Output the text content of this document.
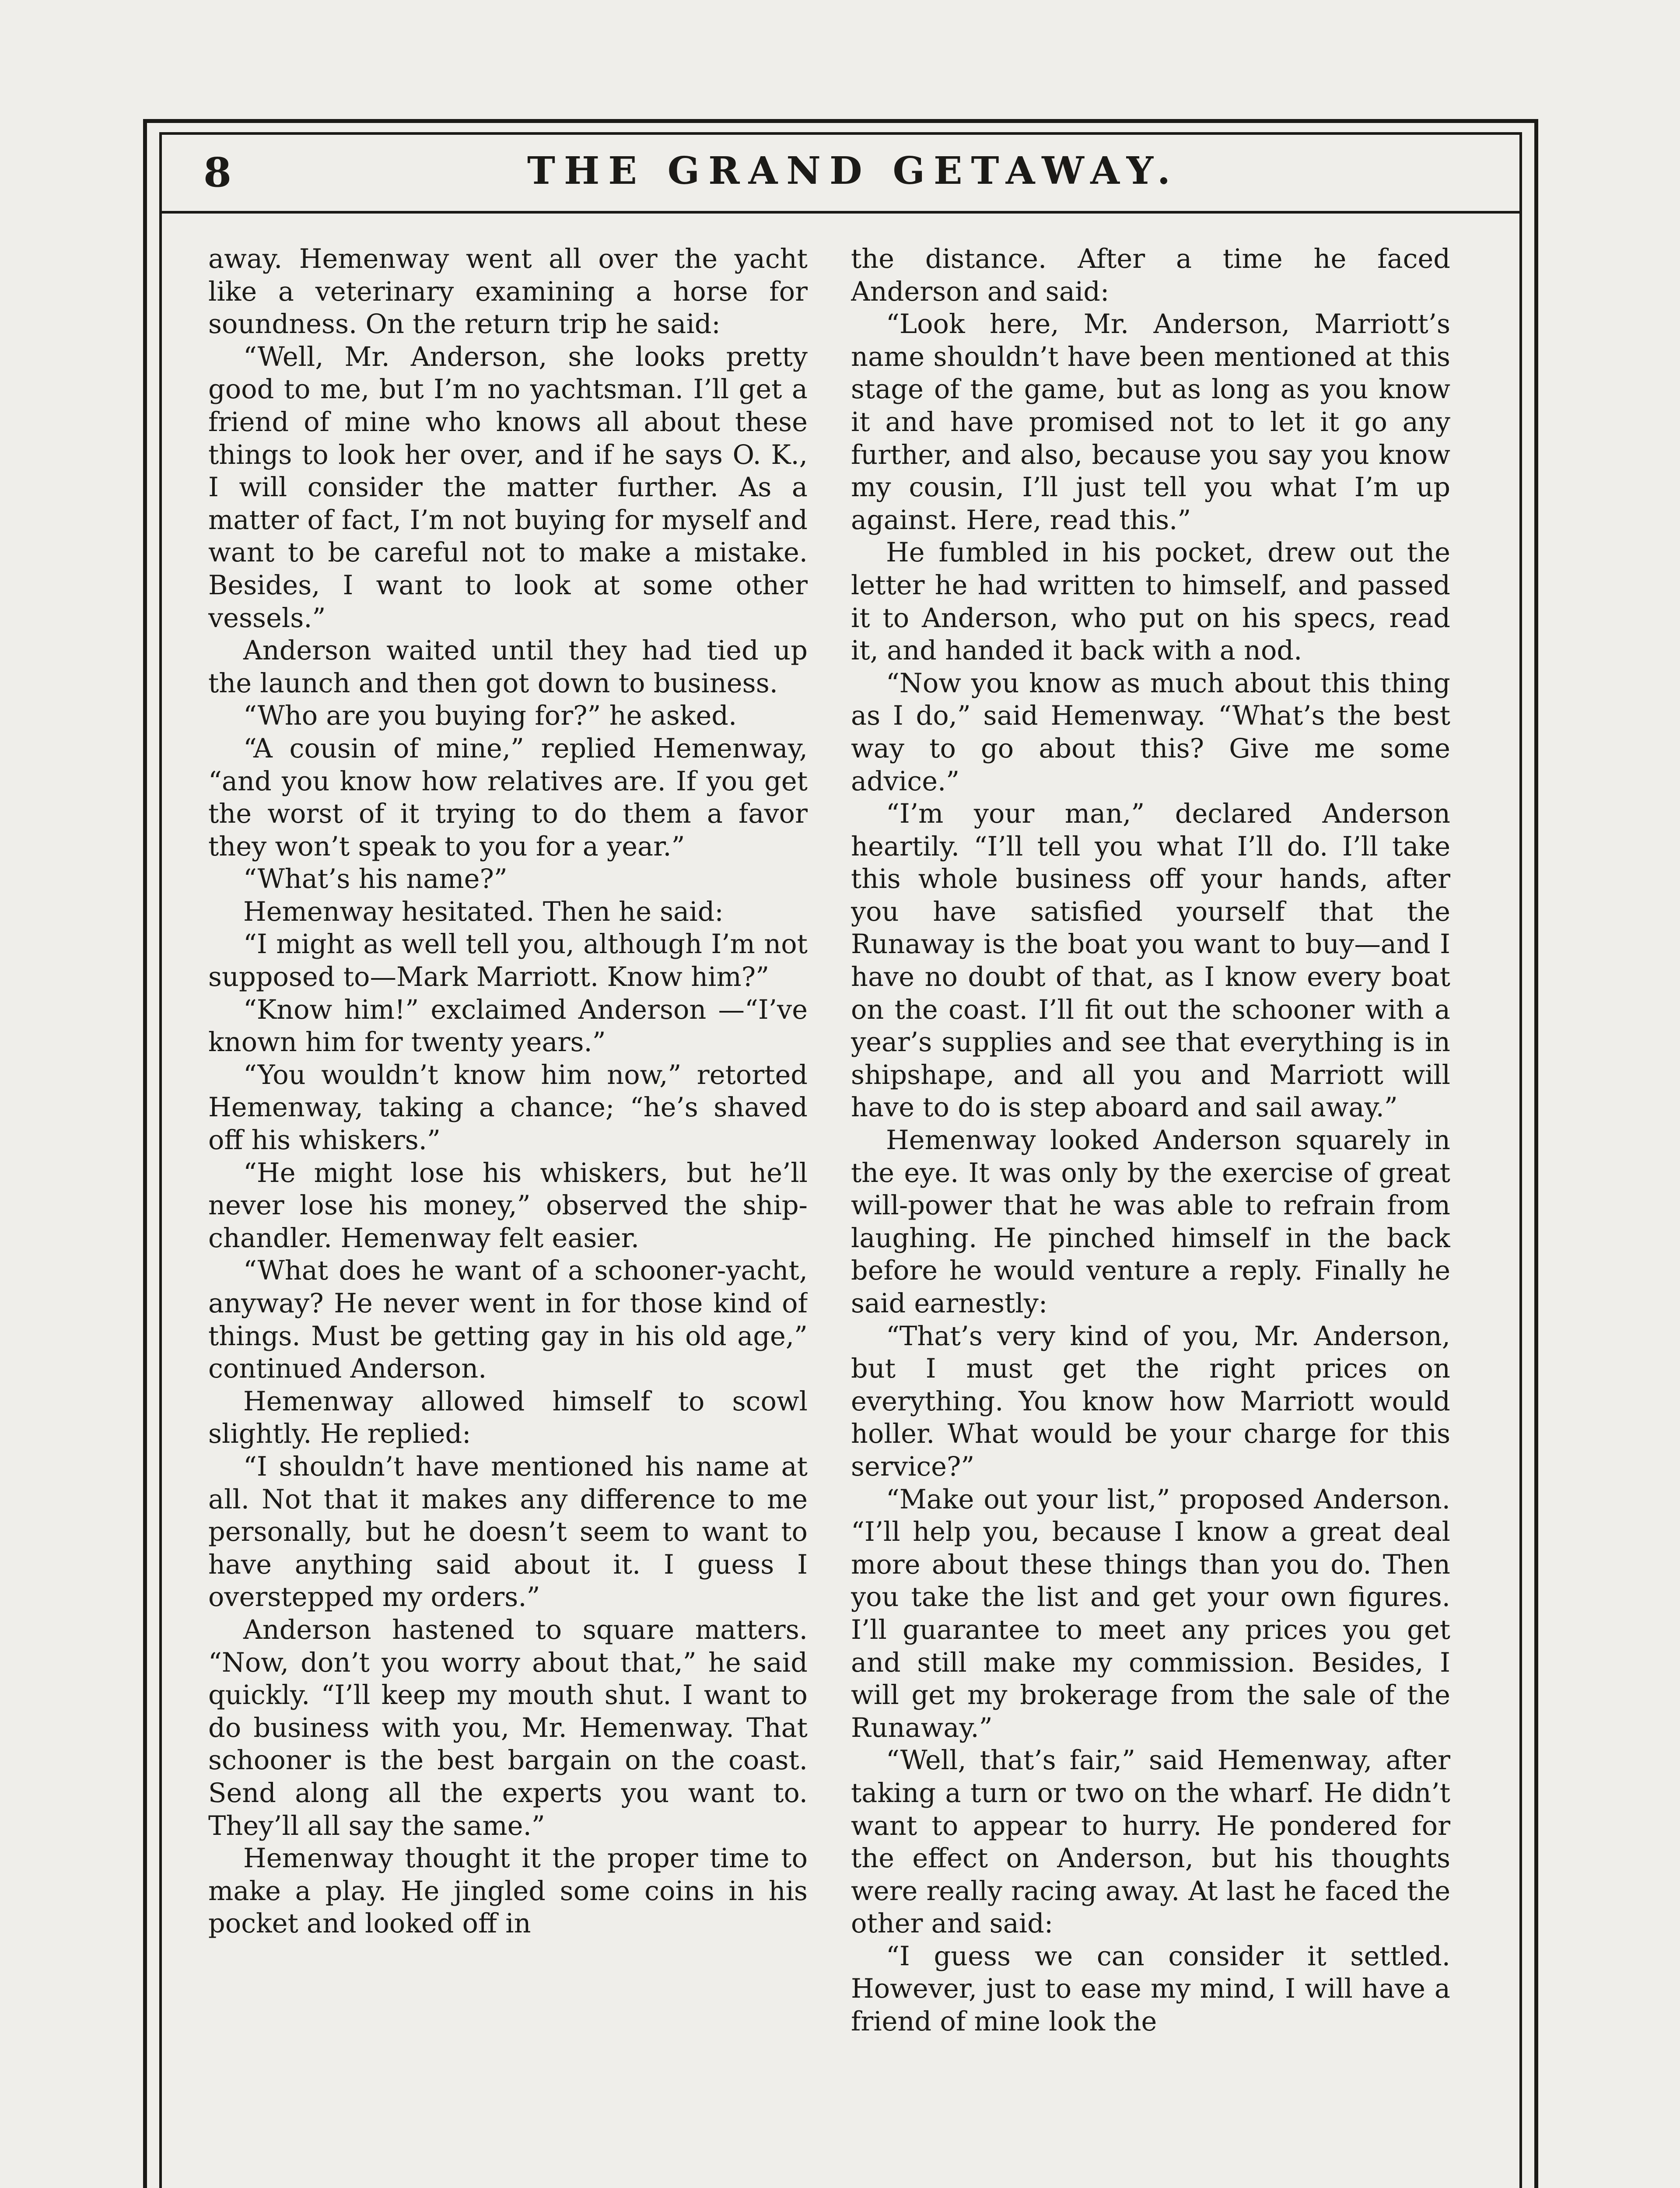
8	THE GRAND GETAWAY.

away. Hemenway went all over the yacht like a veterinary examining a horse for soundness. On the return trip he said:

“Well, Mr. Anderson, she looks pretty good to me, but I’m no yachtsman. I’ll get a friend of mine who knows all about these things to look her over, and if he says O. K., I will consider the matter further. As a matter of fact, I’m not buying for myself and want to be careful not to make a mistake. Besides, I want to look at some other vessels.”

Anderson waited until they had tied up the launch and then got down to business.

“Who are you buying for?” he asked.

“A cousin of mine,” replied Hemenway, “and you know how relatives are. If you get the worst of it trying to do them a favor they won’t speak to you for a year.”

“What’s his name?”

Hemenway hesitated. Then he said:

“I might as well tell you, although I’m not supposed to—Mark Marriott. Know him?”

“Know him!” exclaimed Anderson —“I’ve known him for twenty years.”

“You wouldn’t know him now,” retorted Hemenway, taking a chance; “he’s shaved off his whiskers.”

“He might lose his whiskers, but he’ll never lose his money,” observed the ship-chandler. Hemenway felt easier.

“What does he want of a schooner-yacht, anyway? He never went in for those kind of things. Must be getting gay in his old age,” continued Anderson.

Hemenway allowed himself to scowl slightly. He replied:

“I shouldn’t have mentioned his name at all. Not that it makes any difference to me personally, but he doesn’t seem to want to have anything said about it. I guess I overstepped my orders.”

Anderson hastened to square matters. “Now, don’t you worry about that,” he said quickly. “I’ll keep my mouth shut. I want to do business with you, Mr. Hemenway. That schooner is the best bargain on the coast. Send along all the experts you want to. They’ll all say the same.”

Hemenway thought it the proper time to make a play. He jingled some coins in his pocket and looked off in

the distance. After a time he faced Anderson and said:

“Look here, Mr. Anderson, Marriott’s name shouldn’t have been mentioned at this stage of the game, but as long as you know it and have promised not to let it go any further, and also, because you say you know my cousin, I’ll just tell you what I’m up against. Here, read this.”

He fumbled in his pocket, drew out the letter he had written to himself, and passed it to Anderson, who put on his specs, read it, and handed it back with a nod.

“Now you know as much about this thing as I do,” said Hemenway. “What’s the best way to go about this? Give me some advice.”

“I’m your man,” declared Anderson heartily. “I’ll tell you what I’ll do. I’ll take this whole business off your hands, after you have satisfied yourself that the Runaway is the boat you want to buy—and I have no doubt of that, as I know every boat on the coast. I’ll fit out the schooner with a year’s supplies and see that everything is in shipshape, and all you and Marriott will have to do is step aboard and sail away.”

Hemenway looked Anderson squarely in the eye. It was only by the exercise of great will-power that he was able to refrain from laughing. He pinched himself in the back before he would venture a reply. Finally he said earnestly:

“That’s very kind of you, Mr. Anderson, but I must get the right prices on everything. You know how Marriott would holler. What would be your charge for this service?”

“Make out your list,” proposed Anderson. “I’ll help you, because I know a great deal more about these things than you do. Then you take the list and get your own figures. I’ll guarantee to meet any prices you get and still make my commission. Besides, I will get my brokerage from the sale of the Runaway.”

“Well, that’s fair,” said Hemenway, after taking a turn or two on the wharf. He didn’t want to appear to hurry. He pondered for the effect on Anderson, but his thoughts were really racing away. At last he faced the other and said:

“I guess we can consider it settled. However, just to ease my mind, I will have a friend of mine look the
